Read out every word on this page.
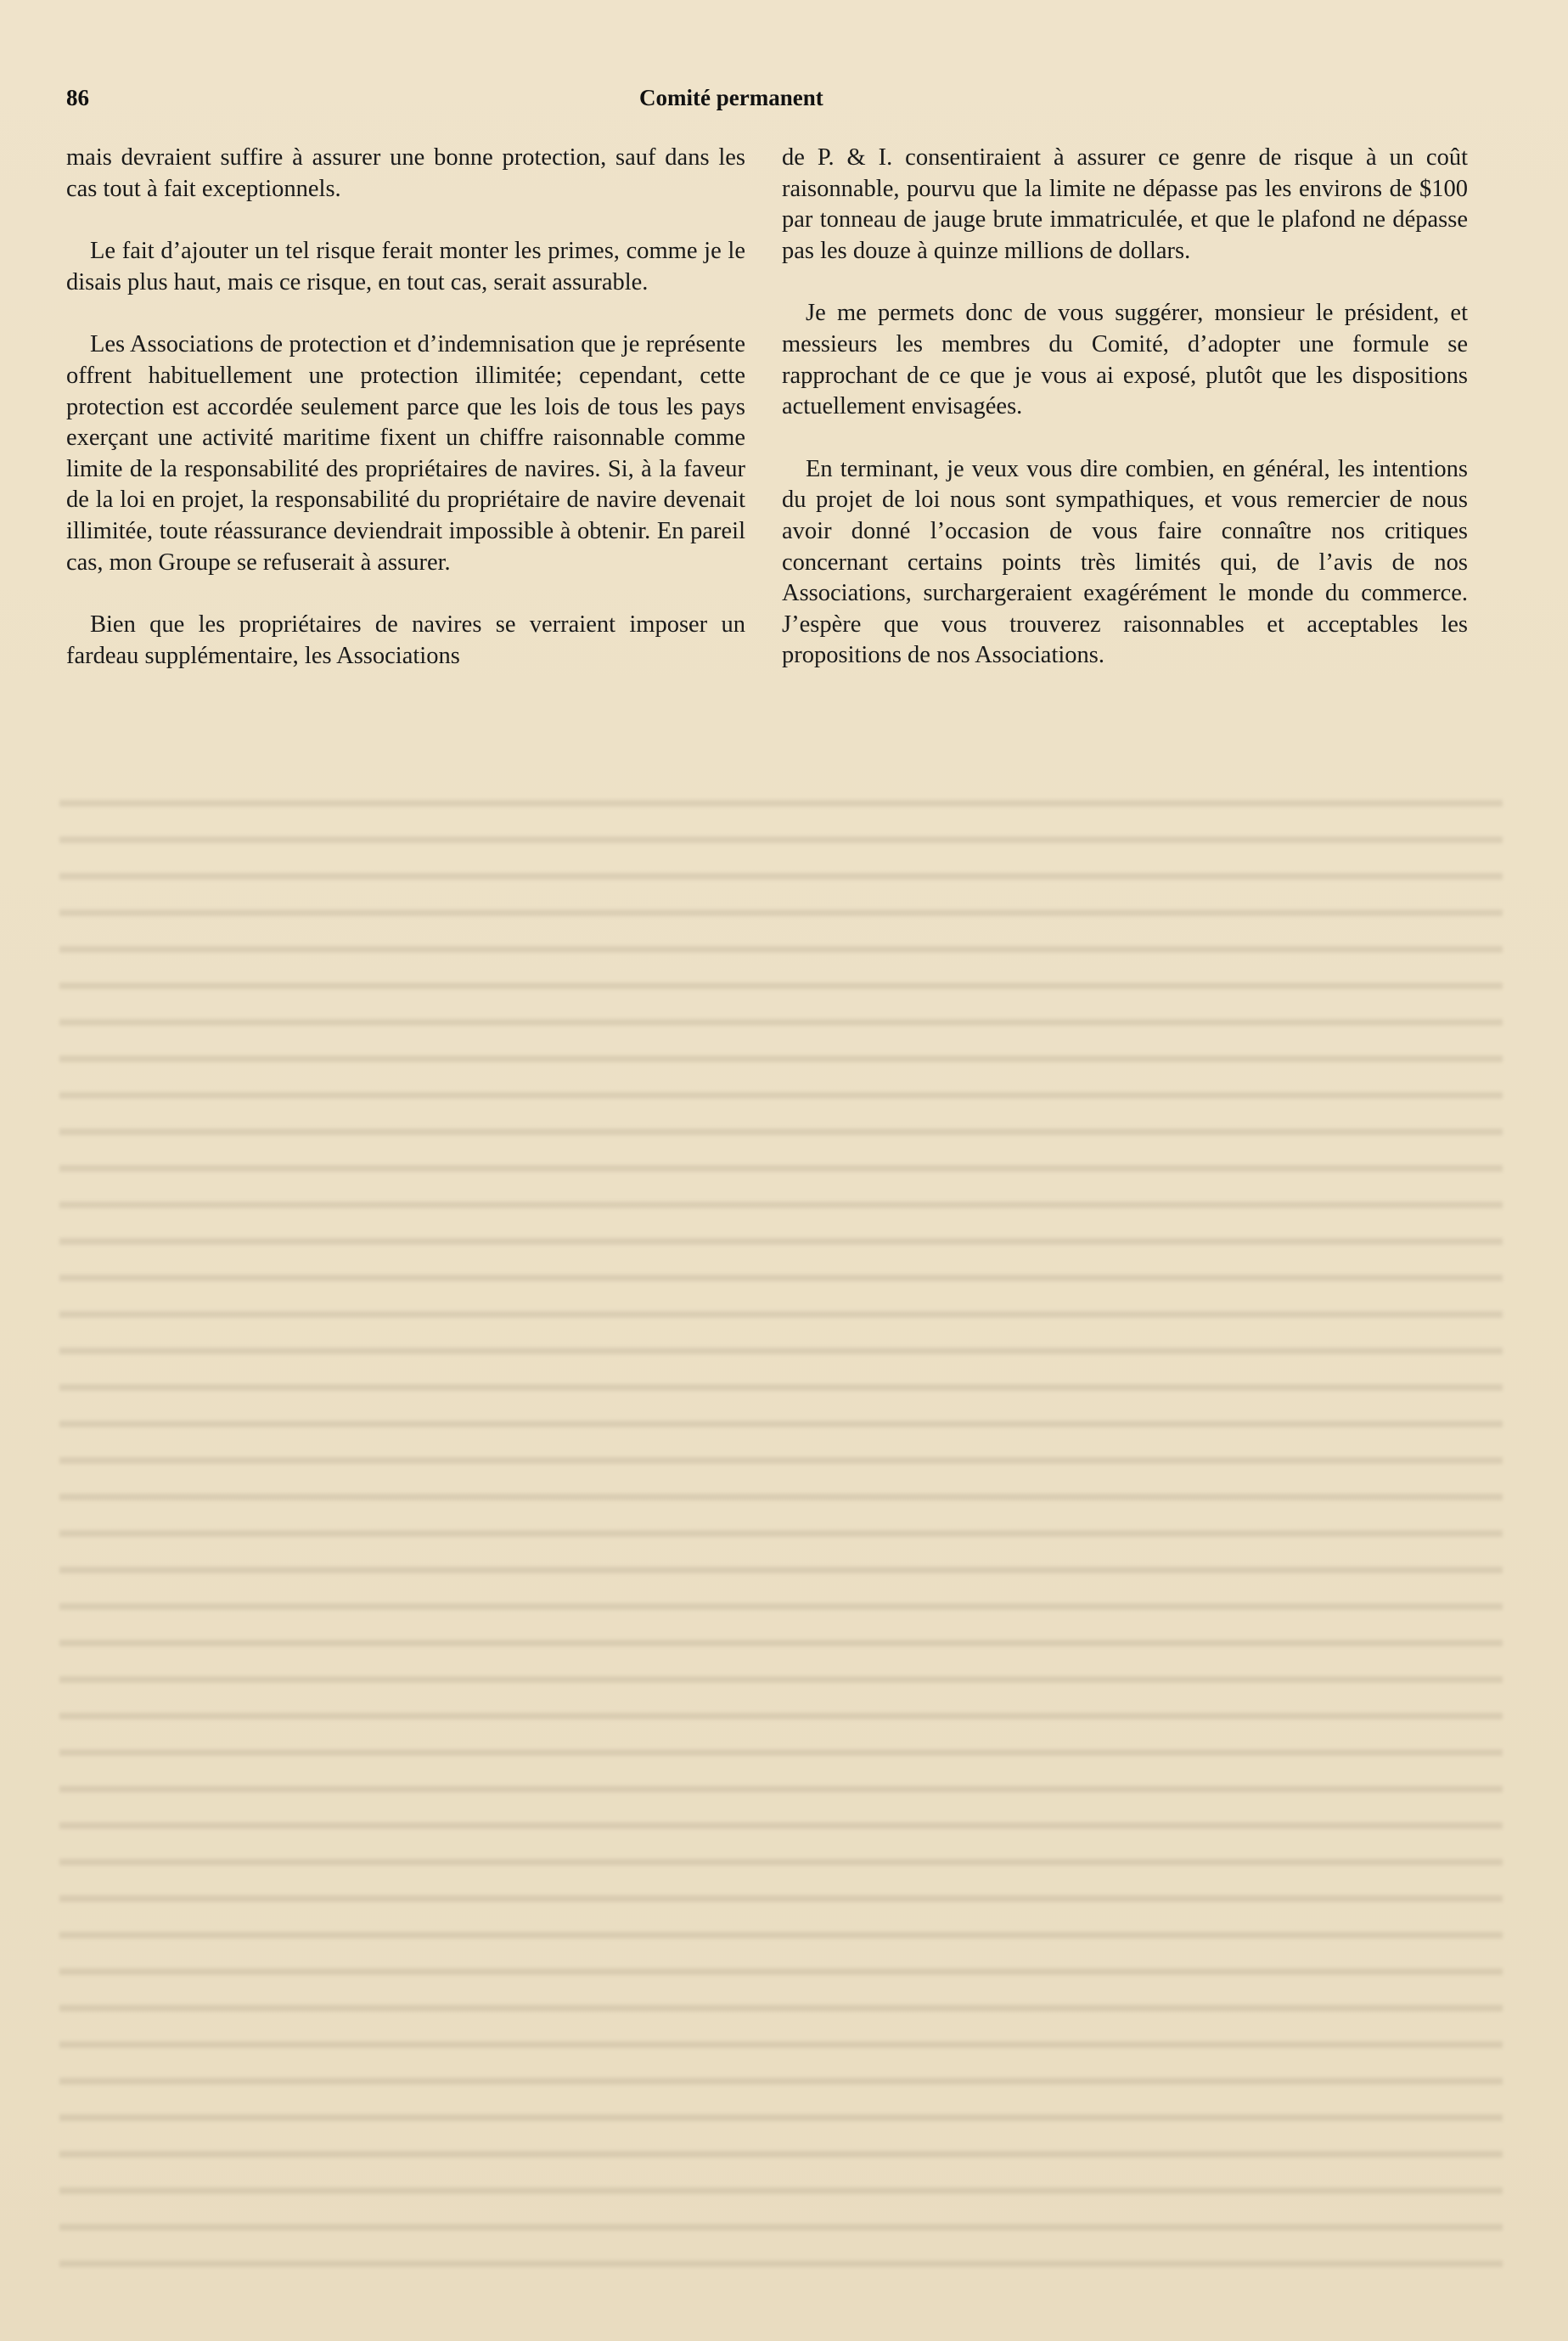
86	Comité permanent

mais devraient suffire à assurer une bonne protection, sauf dans les cas tout à fait exceptionnels.

Le fait d’ajouter un tel risque ferait monter les primes, comme je le disais plus haut, mais ce risque, en tout cas, serait assurable.

Les Associations de protection et d’indemnisation que je représente offrent habituellement une protection illimitée; cependant, cette protection est accordée seulement parce que les lois de tous les pays exerçant une activité maritime fixent un chiffre raisonnable comme limite de la responsabilité des propriétaires de navires. Si, à la faveur de la loi en projet, la responsabilité du propriétaire de navire devenait illimitée, toute réassurance deviendrait impossible à obtenir. En pareil cas, mon Groupe se refuserait à assurer.

Bien que les propriétaires de navires se verraient imposer un fardeau supplémentaire, les Associations

de P. & I. consentiraient à assurer ce genre de risque à un coût raisonnable, pourvu que la limite ne dépasse pas les environs de $100 par tonneau de jauge brute immatriculée, et que le plafond ne dépasse pas les douze à quinze millions de dollars.

Je me permets donc de vous suggérer, monsieur le président, et messieurs les membres du Comité, d’adopter une formule se rapprochant de ce que je vous ai exposé, plutôt que les dispositions actuellement envisagées.

En terminant, je veux vous dire combien, en général, les intentions du projet de loi nous sont sympathiques, et vous remercier de nous avoir donné l’occasion de vous faire connaître nos critiques concernant certains points très limités qui, de l’avis de nos Associations, surchargeraient exagérément le monde du commerce. J’espère que vous trouverez raisonnables et acceptables les propositions de nos Associations.
